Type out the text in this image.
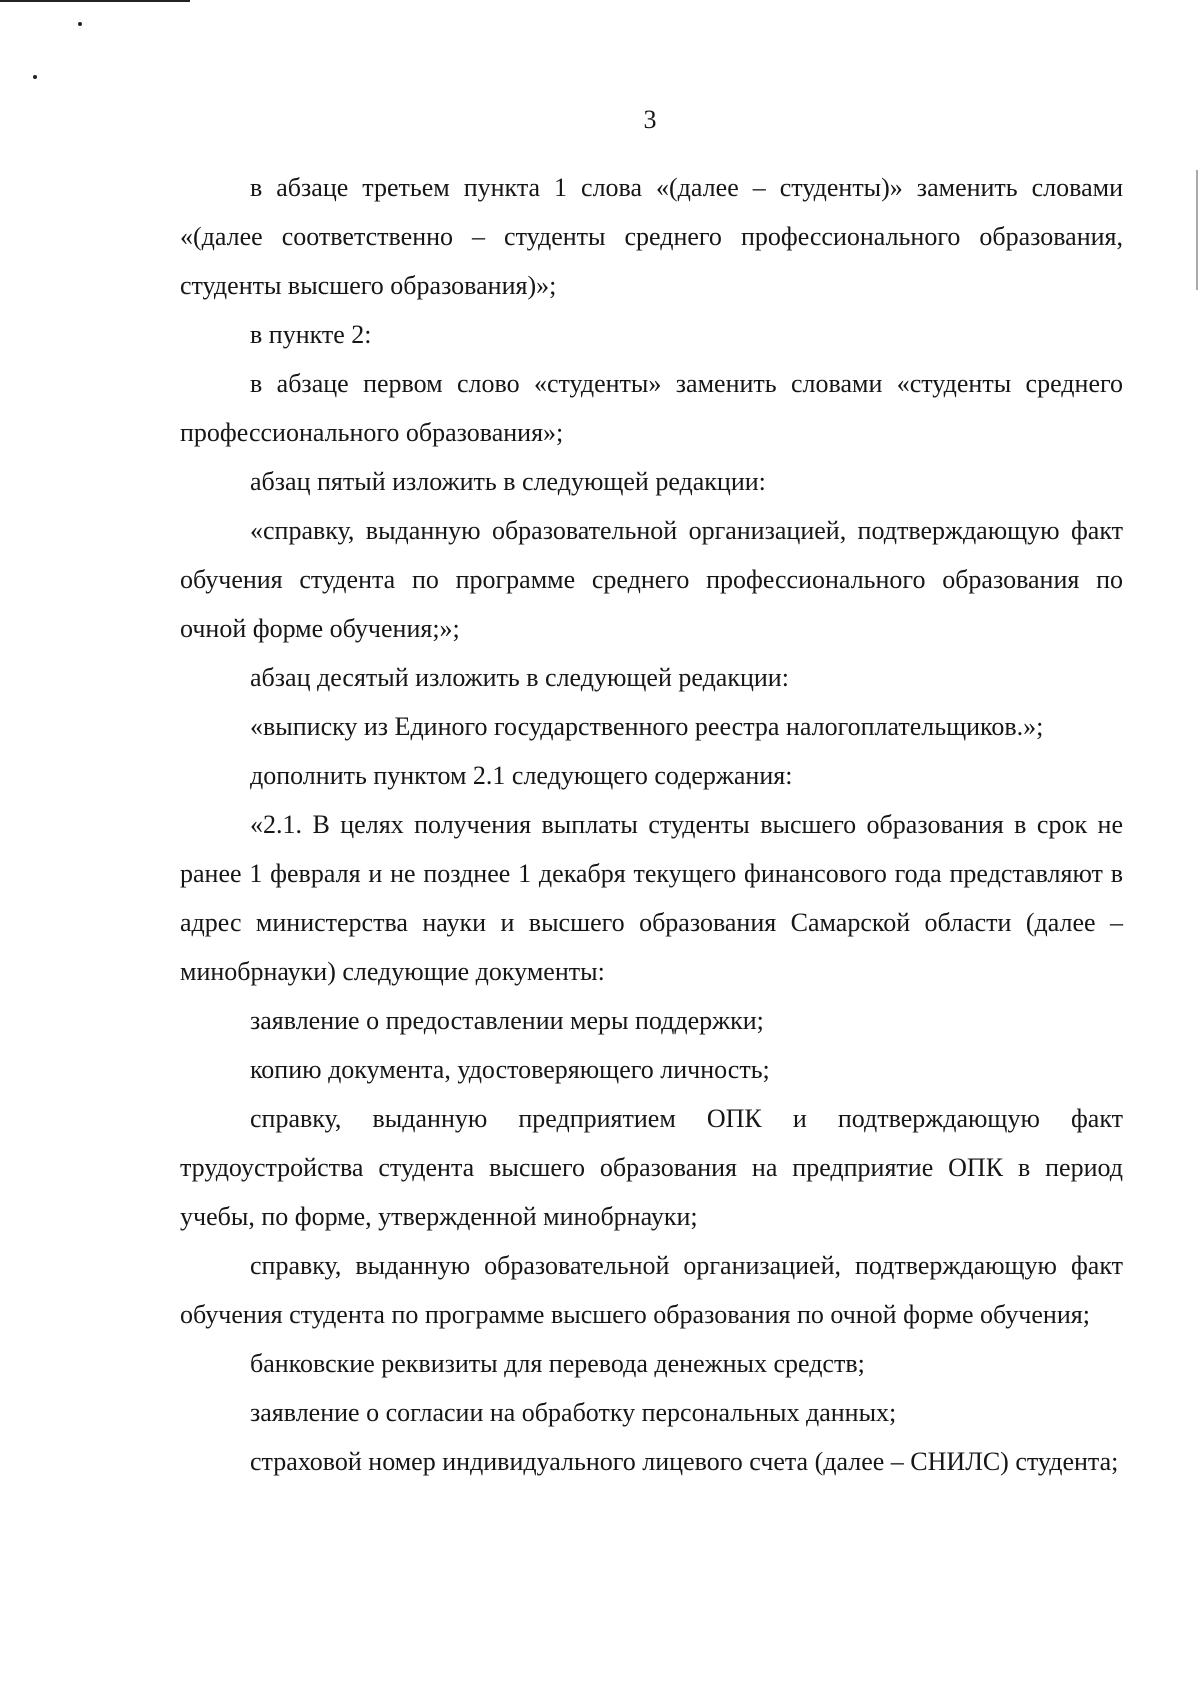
3

в абзаце третьем пункта 1 слова «(далее – студенты)» заменить словами «(далее соответственно – студенты среднего профессионального образования, студенты высшего образования)»;

в пункте 2:

в абзаце первом слово «студенты» заменить словами «студенты среднего профессионального образования»;

абзац пятый изложить в следующей редакции:

«справку, выданную образовательной организацией, подтверждающую факт обучения студента по программе среднего профессионального образования по очной форме обучения;»;

абзац десятый изложить в следующей редакции:

«выписку из Единого государственного реестра налогоплательщиков.»;

дополнить пунктом 2.1 следующего содержания:

«2.1. В целях получения выплаты студенты высшего образования в срок не ранее 1 февраля и не позднее 1 декабря текущего финансового года представляют в адрес министерства науки и высшего образования Самарской области (далее – минобрнауки) следующие документы:

заявление о предоставлении меры поддержки;

копию документа, удостоверяющего личность;

справку, выданную предприятием ОПК и подтверждающую факт трудоустройства студента высшего образования на предприятие ОПК в период учебы, по форме, утвержденной минобрнауки;

справку, выданную образовательной организацией, подтверждающую факт обучения студента по программе высшего образования по очной форме обучения;

банковские реквизиты для перевода денежных средств;

заявление о согласии на обработку персональных данных;

страховой номер индивидуального лицевого счета (далее – СНИЛС) студента;
